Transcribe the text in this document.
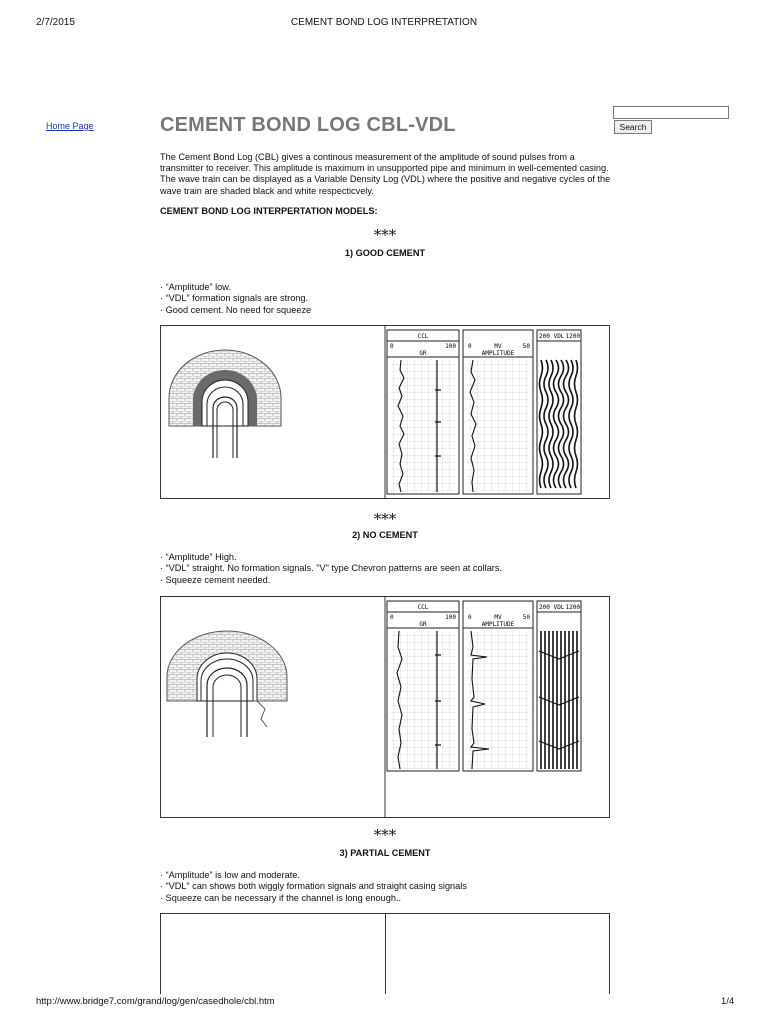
2/7/2015	CEMENT BOND LOG INTERPRETATION
Home Page	Search
CEMENT BOND LOG CBL-VDL

The Cement Bond Log (CBL) gives a continous measurement of the amplitude of sound pulses from a transmitter to receiver. This amplitude is maximum in unsupported pipe and minimum in well-cemented casing. The wave train can be displayed as a Variable Density Log (VDL) where the positive and negative cycles of the wave train are shaded black and white respecticvely.

CEMENT BOND LOG INTERPERTATION MODELS:
***
1) GOOD CEMENT
· “Amplitude” low.
· “VDL” formation signals are strong.
· Good cement. No need for squeeze
CCL
0	100
GR
0	MV	50
AMPLITUDE
200 VDL 1200
***
2) NO CEMENT
· “Amplitude” High.
· “VDL” straight. No formation signals. "V" type Chevron patterns are seen at collars.
· Squeeze cement needed.
CCL
0	100
GR
0	MV	50
AMPLITUDE
200 VDL 1200
***
3) PARTIAL CEMENT
· “Amplitude” is low and moderate.
· “VDL” can shows both wiggly formation signals and straight casing signals
· Squeeze can be necessary if the channel is long enough..
http://www.bridge7.com/grand/log/gen/casedhole/cbl.htm	1/4
